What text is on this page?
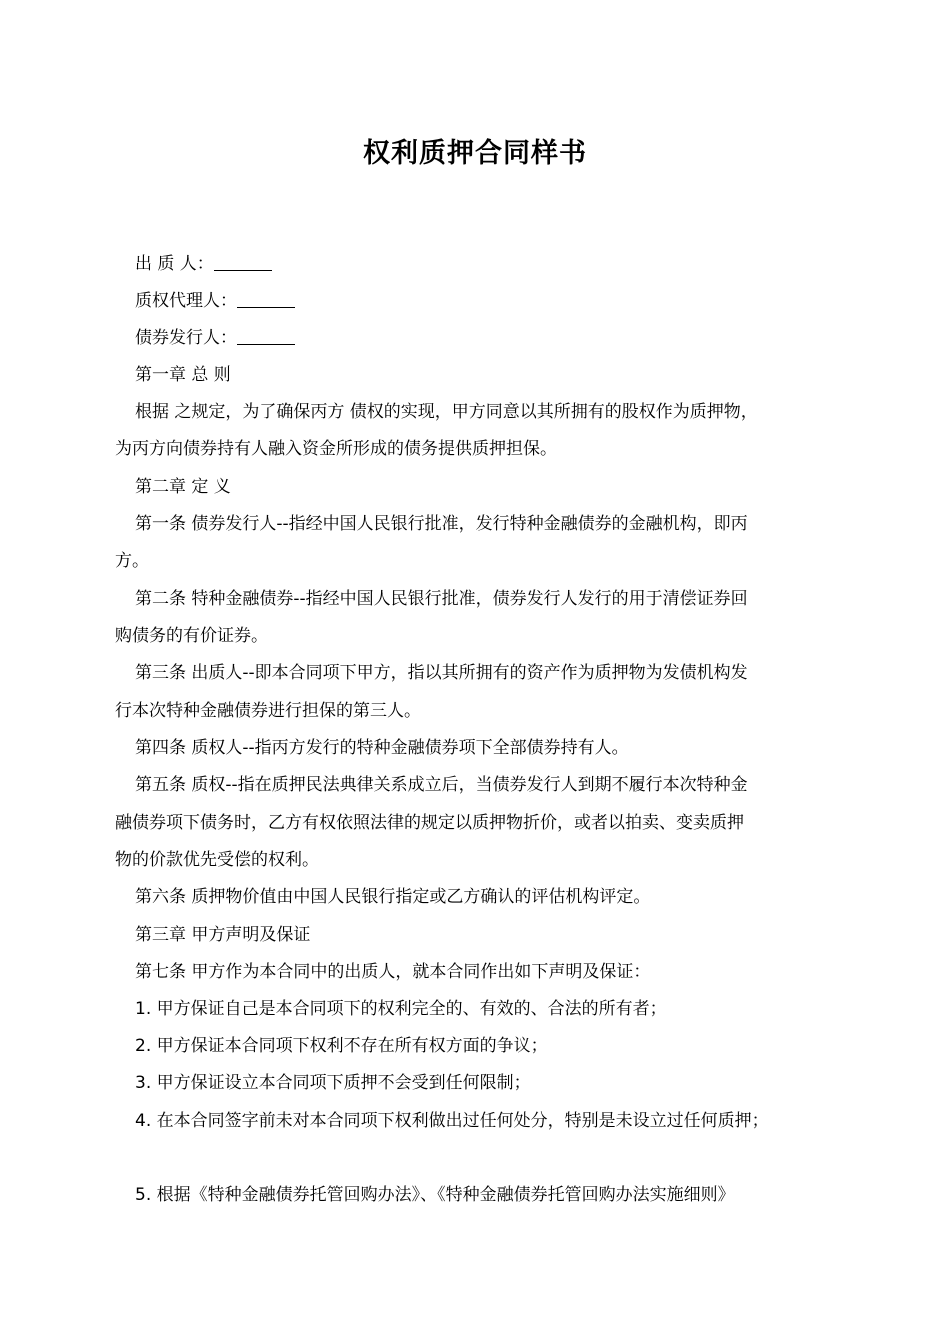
权利质押合同样书
出 质 人：
质权代理人：
债券发行人：
第一章 总 则
根据 之规定，为了确保丙方 债权的实现，甲方同意以其所拥有的股权作为质押物，
为丙方向债券持有人融入资金所形成的债务提供质押担保。
第二章 定 义
第一条 债券发行人--指经中国人民银行批准，发行特种金融债券的金融机构，即丙
方。
第二条 特种金融债券--指经中国人民银行批准，债券发行人发行的用于清偿证券回
购债务的有价证券。
第三条 出质人--即本合同项下甲方，指以其所拥有的资产作为质押物为发债机构发
行本次特种金融债券进行担保的第三人。
第四条 质权人--指丙方发行的特种金融债券项下全部债券持有人。
第五条 质权--指在质押民法典律关系成立后，当债券发行人到期不履行本次特种金
融债券项下债务时，乙方有权依照法律的规定以质押物折价，或者以拍卖、变卖质押
物的价款优先受偿的权利。
第六条 质押物价值由中国人民银行指定或乙方确认的评估机构评定。
第三章 甲方声明及保证
第七条 甲方作为本合同中的出质人，就本合同作出如下声明及保证：
1. 甲方保证自己是本合同项下的权利完全的、有效的、合法的所有者；
2. 甲方保证本合同项下权利不存在所有权方面的争议；
3. 甲方保证设立本合同项下质押不会受到任何限制；
4. 在本合同签字前未对本合同项下权利做出过任何处分，特别是未设立过任何质押；
5. 根据《特种金融债券托管回购办法》、《特种金融债券托管回购办法实施细则》
